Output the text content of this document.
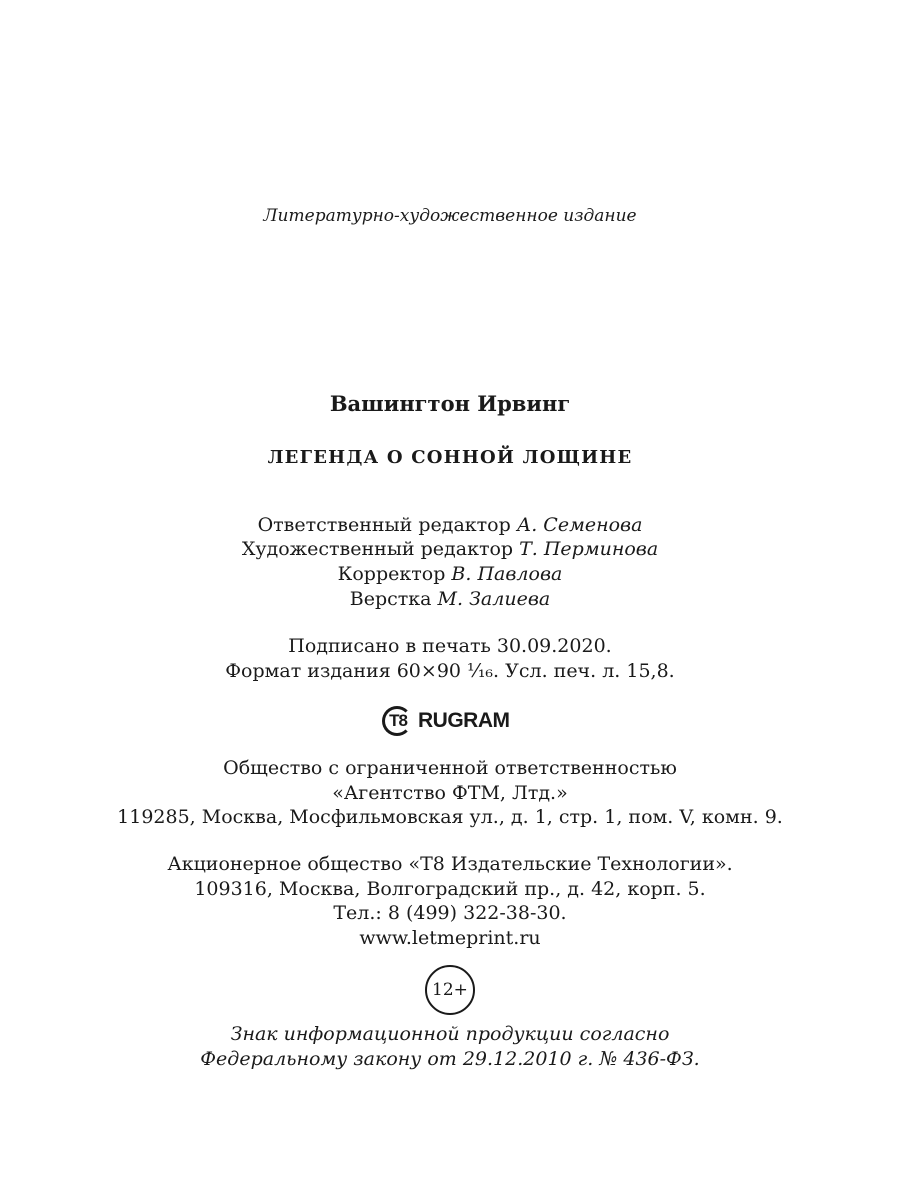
Литературно-художественное издание
Вашингтон Ирвинг
ЛЕГЕНДА О СОННОЙ ЛОЩИНЕ
Ответственный редактор А. Семенова
Художественный редактор Т. Перминова
Корректор В. Павлова
Верстка М. Залиева
Подписано в печать 30.09.2020.
Формат издания 60×90 ¹⁄₁₆. Усл. печ. л. 15,8.
T8 RUGRAM
Общество с ограниченной ответственностью
«Агентство ФТМ, Лтд.»
119285, Москва, Мосфильмовская ул., д. 1, стр. 1, пом. V, комн. 9.
Акционерное общество «Т8 Издательские Технологии».
109316, Москва, Волгоградский пр., д. 42, корп. 5.
Тел.: 8 (499) 322-38-30.
www.letmeprint.ru
12+
Знак информационной продукции согласно
Федеральному закону от 29.12.2010 г. № 436-ФЗ.
